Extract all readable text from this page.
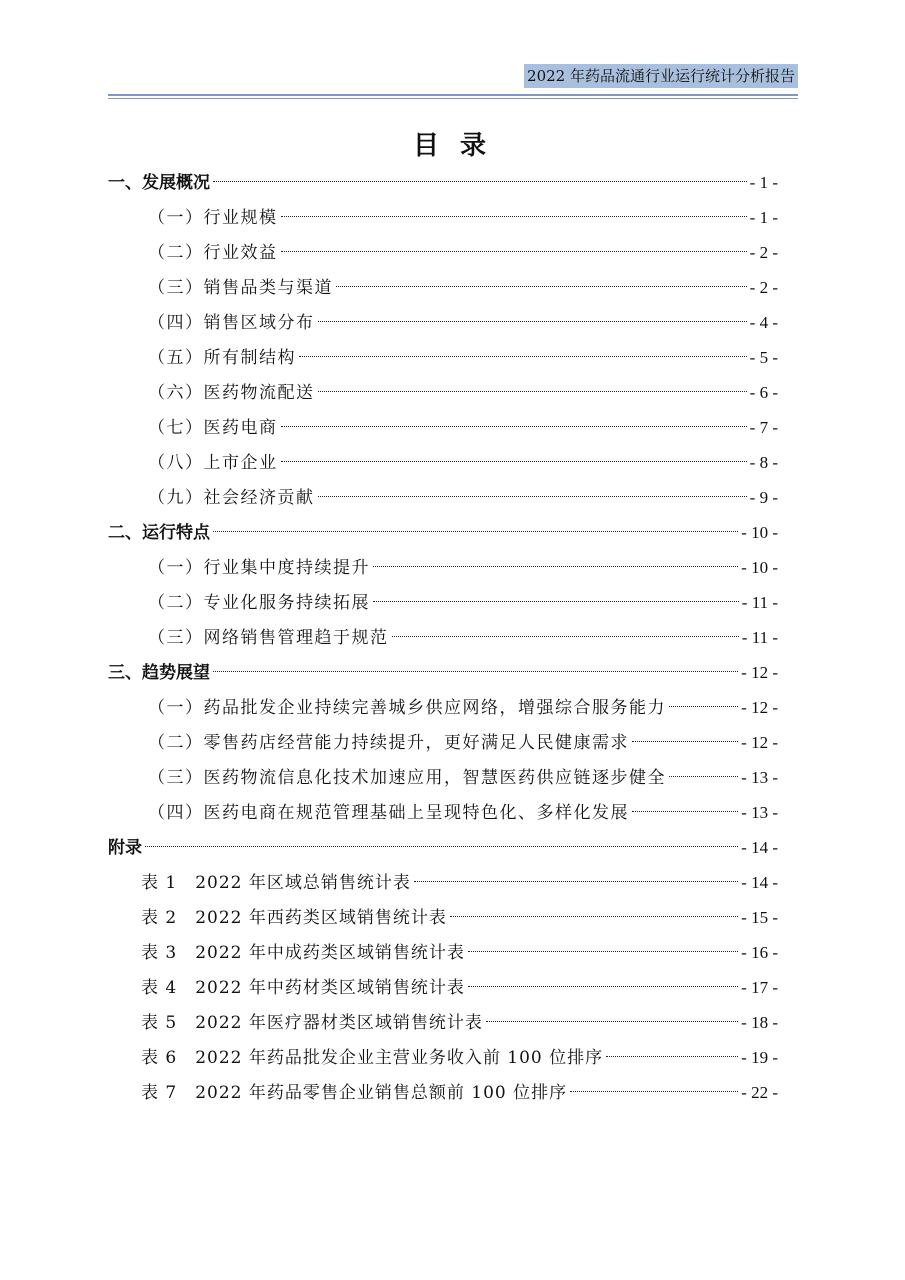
2022 年药品流通行业运行统计分析报告
目 录
一、发展概况	- 1 -
（一）行业规模	- 1 -
（二）行业效益	- 2 -
（三）销售品类与渠道	- 2 -
（四）销售区域分布	- 4 -
（五）所有制结构	- 5 -
（六）医药物流配送	- 6 -
（七）医药电商	- 7 -
（八）上市企业	- 8 -
（九）社会经济贡献	- 9 -
二、运行特点	- 10 -
（一）行业集中度持续提升	- 10 -
（二）专业化服务持续拓展	- 11 -
（三）网络销售管理趋于规范	- 11 -
三、趋势展望	- 12 -
（一）药品批发企业持续完善城乡供应网络，增强综合服务能力	- 12 -
（二）零售药店经营能力持续提升，更好满足人民健康需求	- 12 -
（三）医药物流信息化技术加速应用，智慧医药供应链逐步健全	- 13 -
（四）医药电商在规范管理基础上呈现特色化、多样化发展	- 13 -
附录	- 14 -
表 1　2022 年区域总销售统计表	- 14 -
表 2　2022 年西药类区域销售统计表	- 15 -
表 3　2022 年中成药类区域销售统计表	- 16 -
表 4　2022 年中药材类区域销售统计表	- 17 -
表 5　2022 年医疗器材类区域销售统计表	- 18 -
表 6　2022 年药品批发企业主营业务收入前 100 位排序	- 19 -
表 7　2022 年药品零售企业销售总额前 100 位排序	- 22 -
